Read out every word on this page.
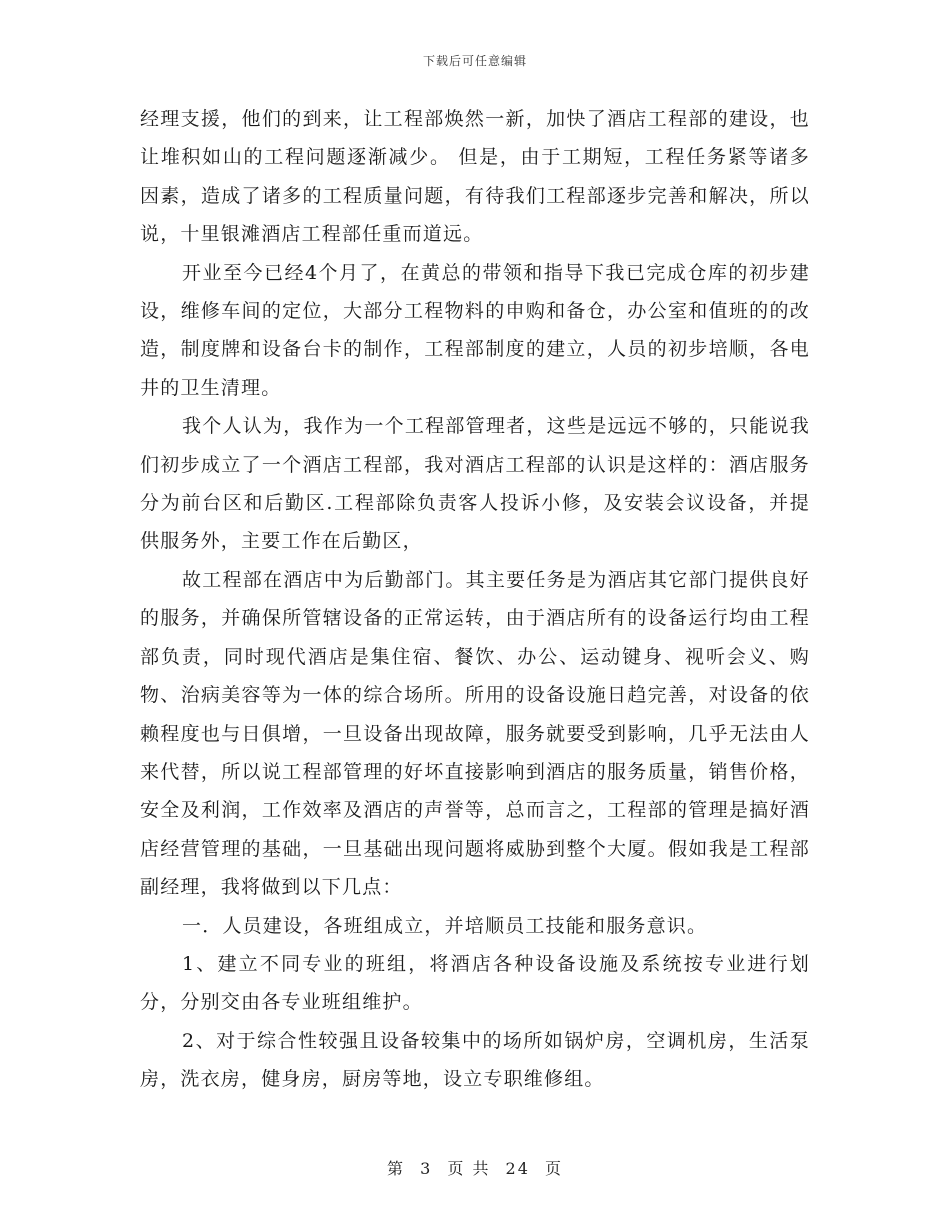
下载后可任意编辑

经理支援，他们的到来，让工程部焕然一新，加快了酒店工程部的建设，也让堆积如山的工程问题逐渐减少。 但是，由于工期短，工程任务紧等诸多因素，造成了诸多的工程质量问题，有待我们工程部逐步完善和解决，所以说，十里银滩酒店工程部任重而道远。

开业至今已经4个月了，在黄总的带领和指导下我已完成仓库的初步建设，维修车间的定位，大部分工程物料的申购和备仓，办公室和值班的的改造，制度牌和设备台卡的制作，工程部制度的建立，人员的初步培顺，各电井的卫生清理。

我个人认为，我作为一个工程部管理者，这些是远远不够的，只能说我们初步成立了一个酒店工程部，我对酒店工程部的认识是这样的：酒店服务分为前台区和后勤区.工程部除负责客人投诉小修，及安装会议设备，并提供服务外，主要工作在后勤区，

故工程部在酒店中为后勤部门。其主要任务是为酒店其它部门提供良好的服务，并确保所管辖设备的正常运转，由于酒店所有的设备运行均由工程部负责，同时现代酒店是集住宿、餐饮、办公、运动键身、视听会义、购物、治病美容等为一体的综合场所。所用的设备设施日趋完善，对设备的依赖程度也与日俱增，一旦设备出现故障，服务就要受到影响，几乎无法由人来代替，所以说工程部管理的好坏直接影响到酒店的服务质量，销售价格，安全及利润，工作效率及酒店的声誉等，总而言之，工程部的管理是搞好酒店经营管理的基础，一旦基础出现问题将威胁到整个大厦。假如我是工程部副经理，我将做到以下几点：

一．人员建设，各班组成立，并培顺员工技能和服务意识。

1、建立不同专业的班组，将酒店各种设备设施及系统按专业进行划分，分别交由各专业班组维护。

2、对于综合性较强且设备较集中的场所如锅炉房，空调机房，生活泵房，洗衣房，健身房，厨房等地，设立专职维修组。

第 3 页 共 24 页
